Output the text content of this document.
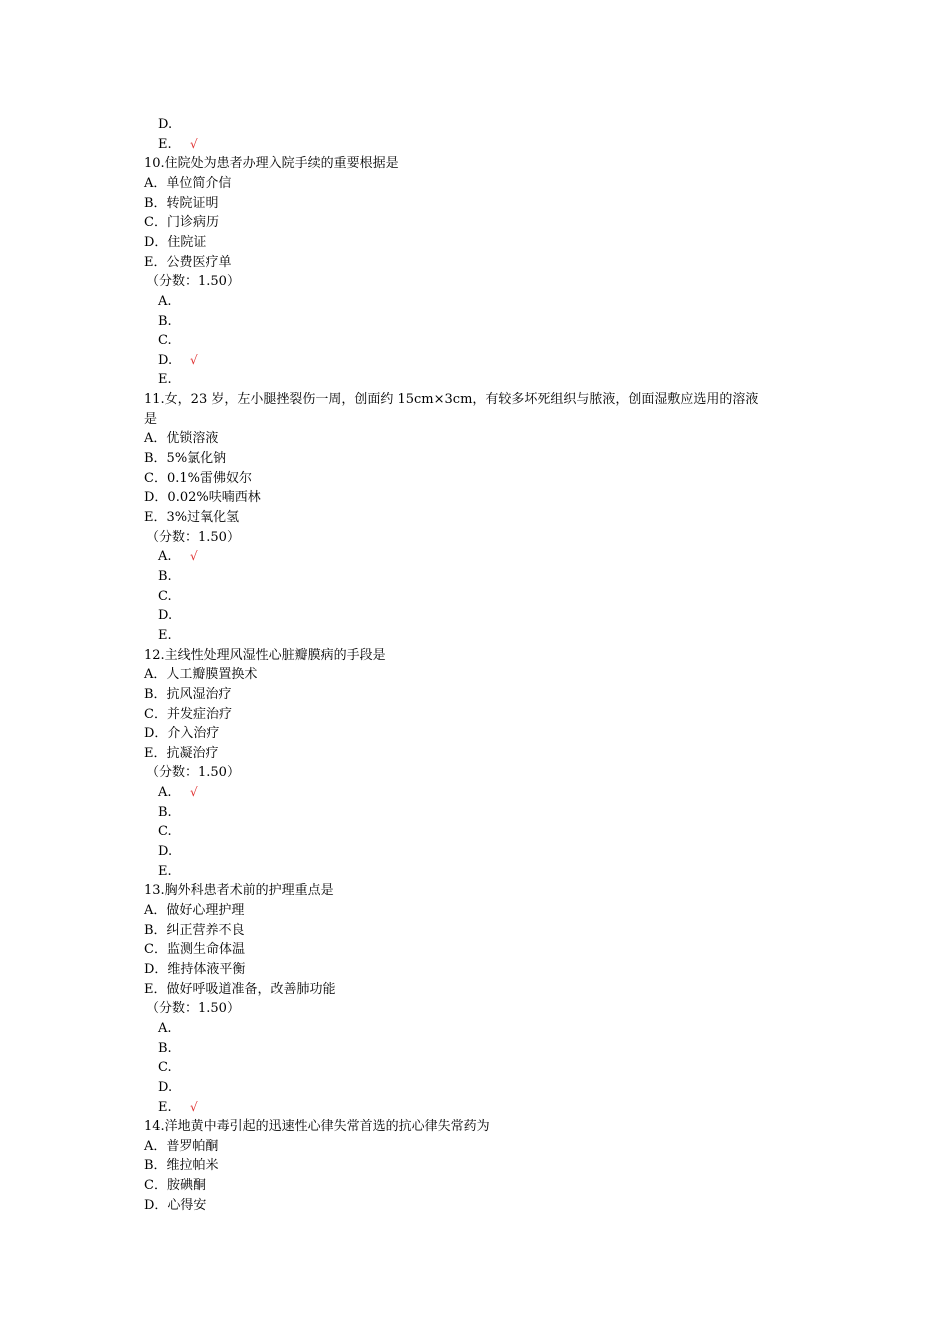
D.
E. √
10.住院处为患者办理入院手续的重要根据是
A．单位简介信
B．转院证明
C．门诊病历
D．住院证
E．公费医疗单
（分数：1.50）
A.
B.
C.
D. √
E.
11.女，23 岁，左小腿挫裂伤一周，创面约 15cm×3cm，有较多坏死组织与脓液，创面湿敷应选用的溶液
是
A．优锁溶液
B．5%氯化钠
C．0.1%雷佛奴尔
D．0.02%呋喃西林
E．3%过氧化氢
（分数：1.50）
A. √
B.
C.
D.
E.
12.主线性处理风湿性心脏瓣膜病的手段是
A．人工瓣膜置换术
B．抗风湿治疗
C．并发症治疗
D．介入治疗
E．抗凝治疗
（分数：1.50）
A. √
B.
C.
D.
E.
13.胸外科患者术前的护理重点是
A．做好心理护理
B．纠正营养不良
C．监测生命体温
D．维持体液平衡
E．做好呼吸道准备，改善肺功能
（分数：1.50）
A.
B.
C.
D.
E. √
14.洋地黄中毒引起的迅速性心律失常首选的抗心律失常药为
A．普罗帕酮
B．维拉帕米
C．胺碘酮
D．心得安
